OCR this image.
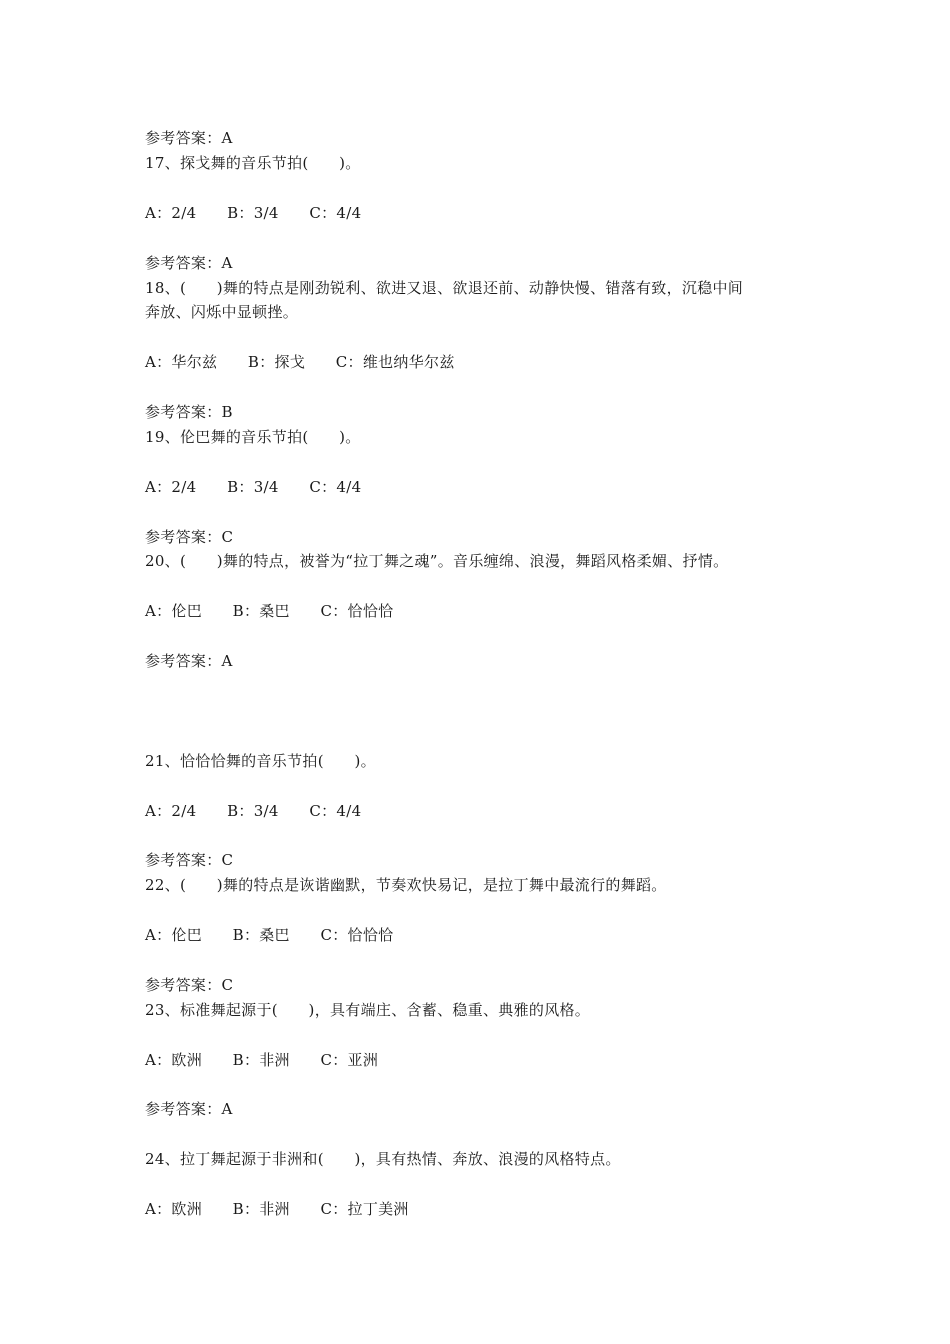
参考答案：A
17、探戈舞的音乐节拍(　　)。
A：2/4　　B：3/4　　C：4/4
参考答案：A
18、(　　)舞的特点是刚劲锐利、欲进又退、欲退还前、动静快慢、错落有致，沉稳中间
奔放、闪烁中显顿挫。
A：华尔兹　　B：探戈　　C：维也纳华尔兹
参考答案：B
19、伦巴舞的音乐节拍(　　)。
A：2/4　　B：3/4　　C：4/4
参考答案：C
20、(　　)舞的特点，被誉为“拉丁舞之魂”。音乐缠绵、浪漫，舞蹈风格柔媚、抒情。
A：伦巴　　B：桑巴　　C：恰恰恰
参考答案：A
21、恰恰恰舞的音乐节拍(　　)。
A：2/4　　B：3/4　　C：4/4
参考答案：C
22、(　　)舞的特点是诙谐幽默，节奏欢快易记，是拉丁舞中最流行的舞蹈。
A：伦巴　　B：桑巴　　C：恰恰恰
参考答案：C
23、标准舞起源于(　　)，具有端庄、含蓄、稳重、典雅的风格。
A：欧洲　　B：非洲　　C：亚洲
参考答案：A
24、拉丁舞起源于非洲和(　　)，具有热情、奔放、浪漫的风格特点。
A：欧洲　　B：非洲　　C：拉丁美洲
